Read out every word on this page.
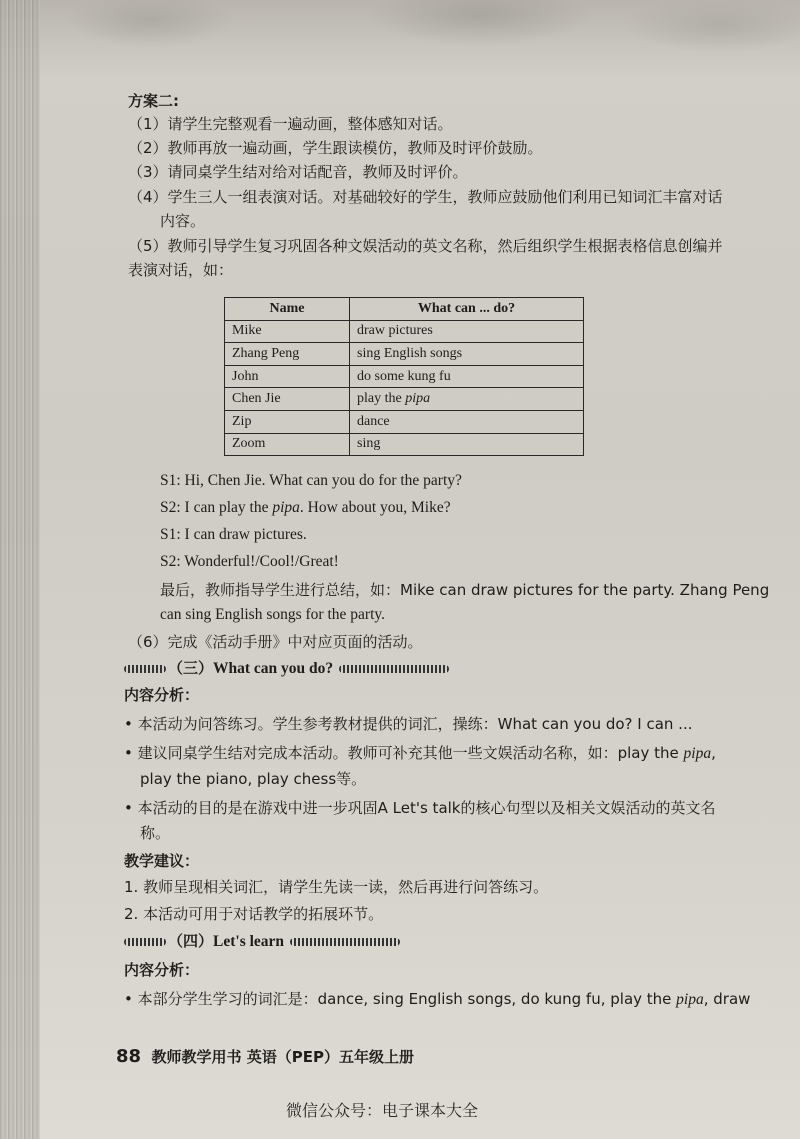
方案二:
（1）请学生完整观看一遍动画，整体感知对话。
（2）教师再放一遍动画，学生跟读模仿，教师及时评价鼓励。
（3）请同桌学生结对给对话配音，教师及时评价。
（4）学生三人一组表演对话。对基础较好的学生，教师应鼓励他们利用已知词汇丰富对话
内容。
（5）教师引导学生复习巩固各种文娱活动的英文名称，然后组织学生根据表格信息创编并
表演对话，如：
Name	What can ... do?
Mike	draw pictures
Zhang Peng	sing English songs
John	do some kung fu
Chen Jie	play the pipa
Zip	dance
Zoom	sing
S1: Hi, Chen Jie. What can you do for the party?
S2: I can play the pipa. How about you, Mike?
S1: I can draw pictures.
S2: Wonderful!/Cool!/Great!
最后，教师指导学生进行总结，如：Mike can draw pictures for the party. Zhang Peng
can sing English songs for the party.
（6）完成《活动手册》中对应页面的活动。
（三）What can you do?
内容分析：
• 本活动为问答练习。学生参考教材提供的词汇，操练：What can you do? I can ...
• 建议同桌学生结对完成本活动。教师可补充其他一些文娱活动名称，如：play the pipa,
play the piano, play chess等。
• 本活动的目的是在游戏中进一步巩固A Let's talk的核心句型以及相关文娱活动的英文名
称。
教学建议：
1. 教师呈现相关词汇，请学生先读一读，然后再进行问答练习。
2. 本活动可用于对话教学的拓展环节。
（四）Let's learn
内容分析：
• 本部分学生学习的词汇是：dance, sing English songs, do kung fu, play the pipa, draw
88 教师教学用书 英语（PEP）五年级上册
微信公众号：电子课本大全
